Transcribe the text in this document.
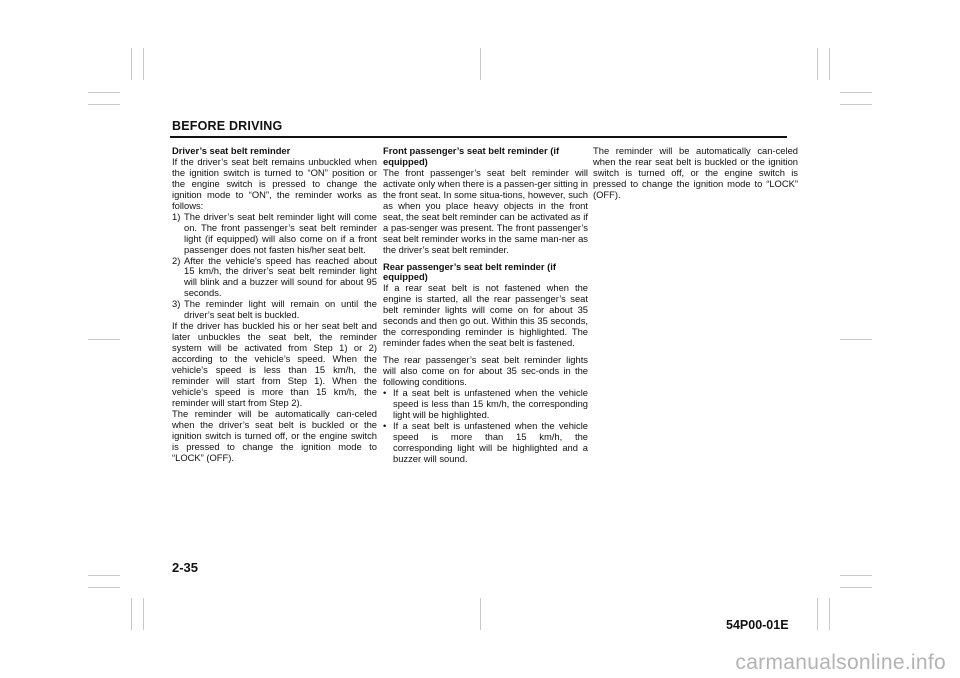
BEFORE DRIVING

Driver’s seat belt reminder

If the driver’s seat belt remains unbuckled when the ignition switch is turned to “ON” position or the engine switch is pressed to change the ignition mode to “ON”, the reminder works as follows:

1) The driver’s seat belt reminder light will come on. The front passenger’s seat belt reminder light (if equipped) will also come on if a front passenger does not fasten his/her seat belt.
2) After the vehicle’s speed has reached about 15 km/h, the driver’s seat belt reminder light will blink and a buzzer will sound for about 95 seconds.
3) The reminder light will remain on until the driver’s seat belt is buckled.

If the driver has buckled his or her seat belt and later unbuckles the seat belt, the reminder system will be activated from Step 1) or 2) according to the vehicle’s speed. When the vehicle’s speed is less than 15 km/h, the reminder will start from Step 1). When the vehicle’s speed is more than 15 km/h, the reminder will start from Step 2).

The reminder will be automatically can-celed when the driver’s seat belt is buckled or the ignition switch is turned off, or the engine switch is pressed to change the ignition mode to “LOCK” (OFF).

Front passenger’s seat belt reminder (if equipped)

The front passenger’s seat belt reminder will activate only when there is a passen-ger sitting in the front seat. In some situa-tions, however, such as when you place heavy objects in the front seat, the seat belt reminder can be activated as if a pas-senger was present. The front passenger’s seat belt reminder works in the same man-ner as the driver’s seat belt reminder.

Rear passenger’s seat belt reminder (if equipped)

If a rear seat belt is not fastened when the engine is started, all the rear passenger’s seat belt reminder lights will come on for about 35 seconds and then go out. Within this 35 seconds, the corresponding reminder is highlighted. The reminder fades when the seat belt is fastened.

The rear passenger’s seat belt reminder lights will also come on for about 35 sec-onds in the following conditions.

• If a seat belt is unfastened when the vehicle speed is less than 15 km/h, the corresponding light will be highlighted.
• If a seat belt is unfastened when the vehicle speed is more than 15 km/h, the corresponding light will be highlighted and a buzzer will sound.

The reminder will be automatically can-celed when the rear seat belt is buckled or the ignition switch is turned off, or the engine switch is pressed to change the ignition mode to “LOCK” (OFF).

2-35
54P00-01E
carmanualsonline.info
